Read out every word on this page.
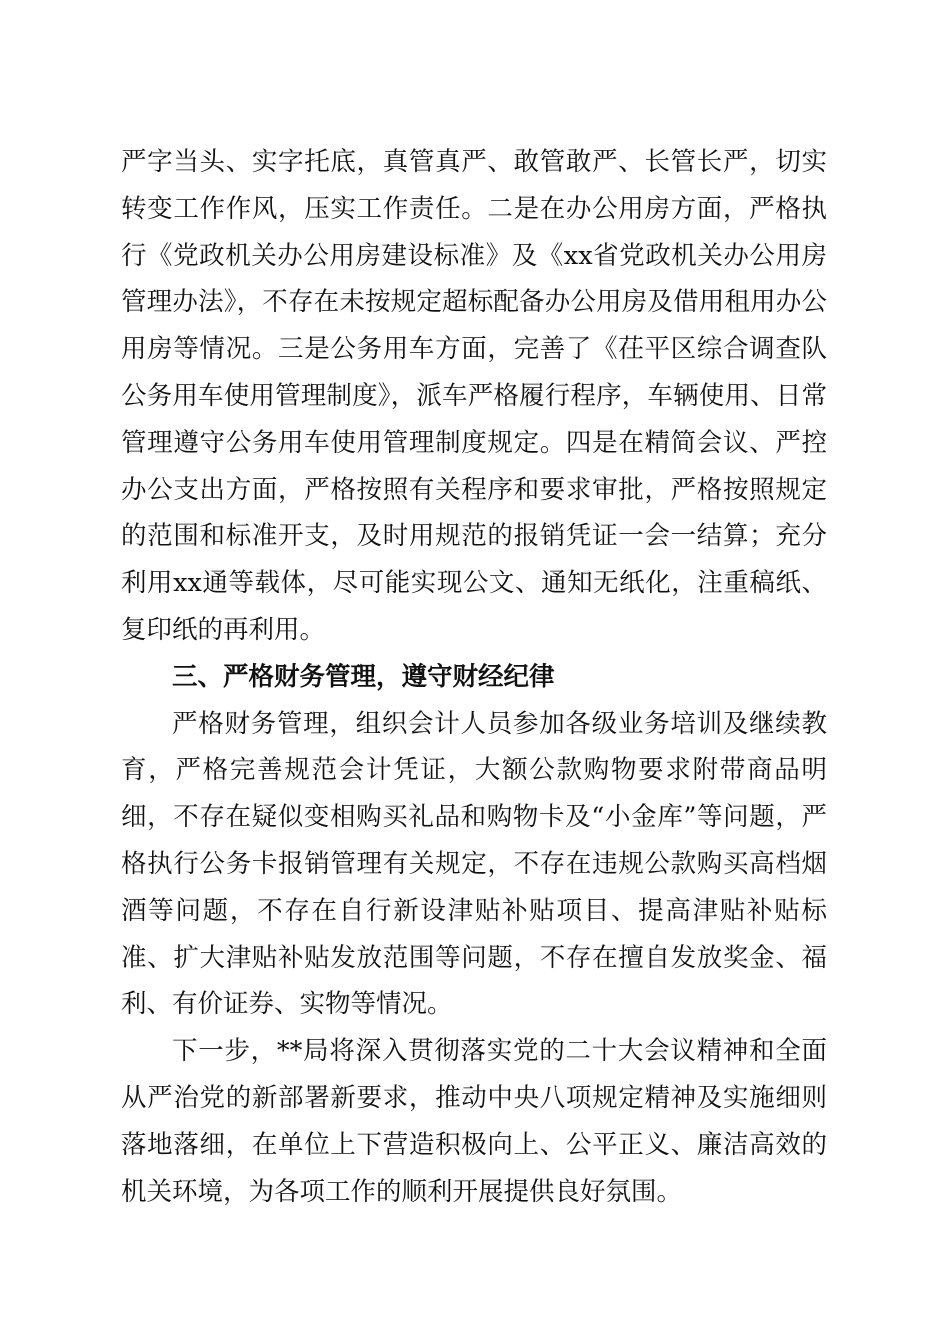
严字当头、实字托底，真管真严、敢管敢严、长管长严，切实转变工作作风，压实工作责任。二是在办公用房方面，严格执行《党政机关办公用房建设标准》及《xx省党政机关办公用房管理办法》，不存在未按规定超标配备办公用房及借用租用办公用房等情况。三是公务用车方面，完善了《茌平区综合调查队公务用车使用管理制度》，派车严格履行程序，车辆使用、日常管理遵守公务用车使用管理制度规定。四是在精简会议、严控办公支出方面，严格按照有关程序和要求审批，严格按照规定的范围和标准开支，及时用规范的报销凭证一会一结算；充分利用xx通等载体，尽可能实现公文、通知无纸化，注重稿纸、复印纸的再利用。

三、严格财务管理，遵守财经纪律

严格财务管理，组织会计人员参加各级业务培训及继续教育，严格完善规范会计凭证，大额公款购物要求附带商品明细，不存在疑似变相购买礼品和购物卡及“小金库”等问题，严格执行公务卡报销管理有关规定，不存在违规公款购买高档烟酒等问题，不存在自行新设津贴补贴项目、提高津贴补贴标准、扩大津贴补贴发放范围等问题，不存在擅自发放奖金、福利、有价证券、实物等情况。

下一步，**局将深入贯彻落实党的二十大会议精神和全面从严治党的新部署新要求，推动中央八项规定精神及实施细则落地落细，在单位上下营造积极向上、公平正义、廉洁高效的机关环境，为各项工作的顺利开展提供良好氛围。
